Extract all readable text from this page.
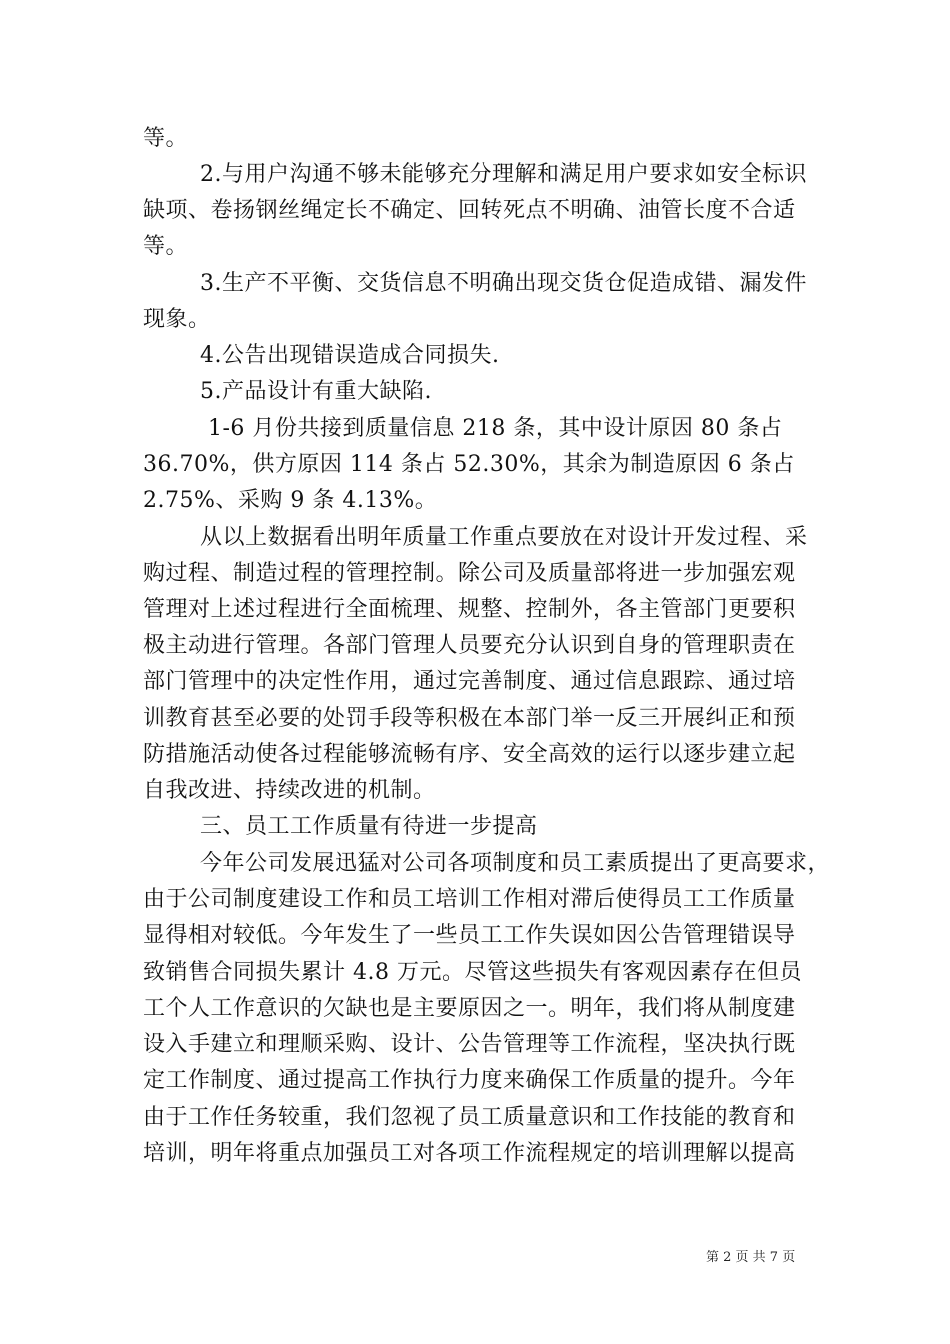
等。
2.与用户沟通不够未能够充分理解和满足用户要求如安全标识
缺项、卷扬钢丝绳定长不确定、回转死点不明确、油管长度不合适
等。
3.生产不平衡、交货信息不明确出现交货仓促造成错、漏发件
现象。
4.公告出现错误造成合同损失.
5.产品设计有重大缺陷.
1-6 月份共接到质量信息 218 条，其中设计原因 80 条占
36.70%，供方原因 114 条占 52.30%，其余为制造原因 6 条占
2.75%、采购 9 条 4.13%。
从以上数据看出明年质量工作重点要放在对设计开发过程、采
购过程、制造过程的管理控制。除公司及质量部将进一步加强宏观
管理对上述过程进行全面梳理、规整、控制外，各主管部门更要积
极主动进行管理。各部门管理人员要充分认识到自身的管理职责在
部门管理中的决定性作用，通过完善制度、通过信息跟踪、通过培
训教育甚至必要的处罚手段等积极在本部门举一反三开展纠正和预
防措施活动使各过程能够流畅有序、安全高效的运行以逐步建立起
自我改进、持续改进的机制。
三、员工工作质量有待进一步提高
今年公司发展迅猛对公司各项制度和员工素质提出了更高要求，
由于公司制度建设工作和员工培训工作相对滞后使得员工工作质量
显得相对较低。今年发生了一些员工工作失误如因公告管理错误导
致销售合同损失累计 4.8 万元。尽管这些损失有客观因素存在但员
工个人工作意识的欠缺也是主要原因之一。明年，我们将从制度建
设入手建立和理顺采购、设计、公告管理等工作流程，坚决执行既
定工作制度、通过提高工作执行力度来确保工作质量的提升。今年
由于工作任务较重，我们忽视了员工质量意识和工作技能的教育和
培训，明年将重点加强员工对各项工作流程规定的培训理解以提高
第 2 页 共 7 页
